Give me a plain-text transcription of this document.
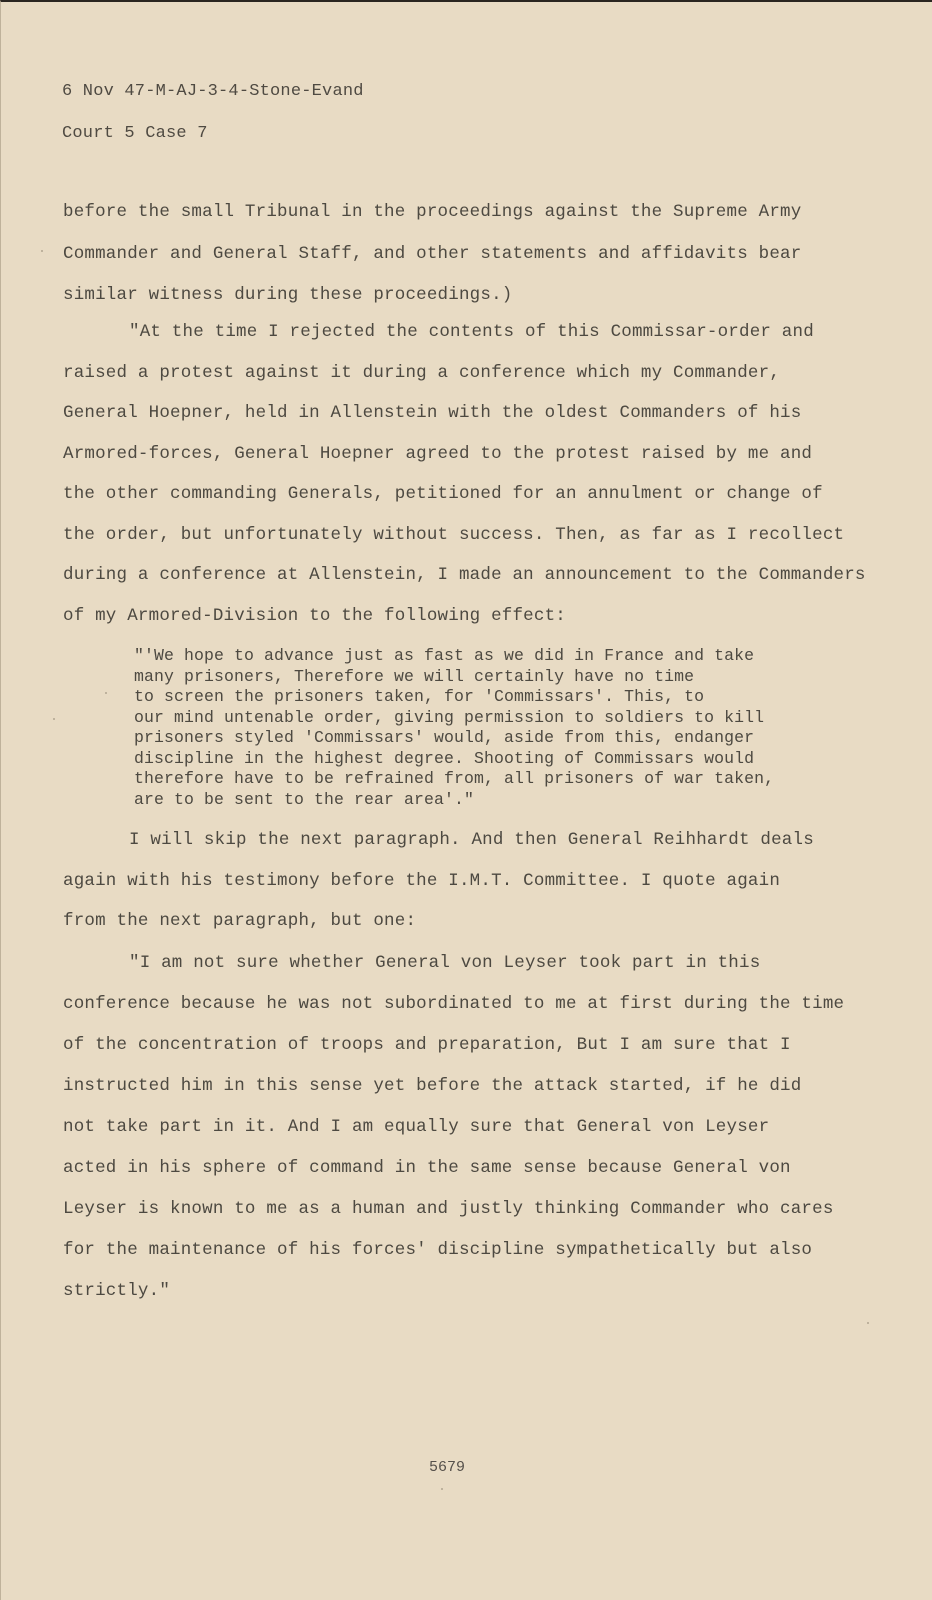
6 Nov 47-M-AJ-3-4-Stone-Evand
Court 5 Case 7
before the small Tribunal in the proceedings against the Supreme Army
Commander and General Staff, and other statements and affidavits bear
similar witness during these proceedings.)
"At the time I rejected the contents of this Commissar-order and
raised a protest against it during a conference which my Commander,
General Hoepner, held in Allenstein with the oldest Commanders of his
Armored-forces, General Hoepner agreed to the protest raised by me and
the other commanding Generals, petitioned for an annulment or change of
the order, but unfortunately without success. Then, as far as I recollect
during a conference at Allenstein, I made an announcement to the Commanders
of my Armored-Division to the following effect:
"'We hope to advance just as fast as we did in France and take
many prisoners, Therefore we will certainly have no time
to screen the prisoners taken, for 'Commissars'. This, to
our mind untenable order, giving permission to soldiers to kill
prisoners styled 'Commissars' would, aside from this, endanger
discipline in the highest degree. Shooting of Commissars would
therefore have to be refrained from, all prisoners of war taken,
are to be sent to the rear area'."
I will skip the next paragraph. And then General Reihhardt deals
again with his testimony before the I.M.T. Committee. I quote again
from the next paragraph, but one:
"I am not sure whether General von Leyser took part in this
conference because he was not subordinated to me at first during the time
of the concentration of troops and preparation, But I am sure that I
instructed him in this sense yet before the attack started, if he did
not take part in it. And I am equally sure that General von Leyser
acted in his sphere of command in the same sense because General von
Leyser is known to me as a human and justly thinking Commander who cares
for the maintenance of his forces' discipline sympathetically but also
strictly."
5679
